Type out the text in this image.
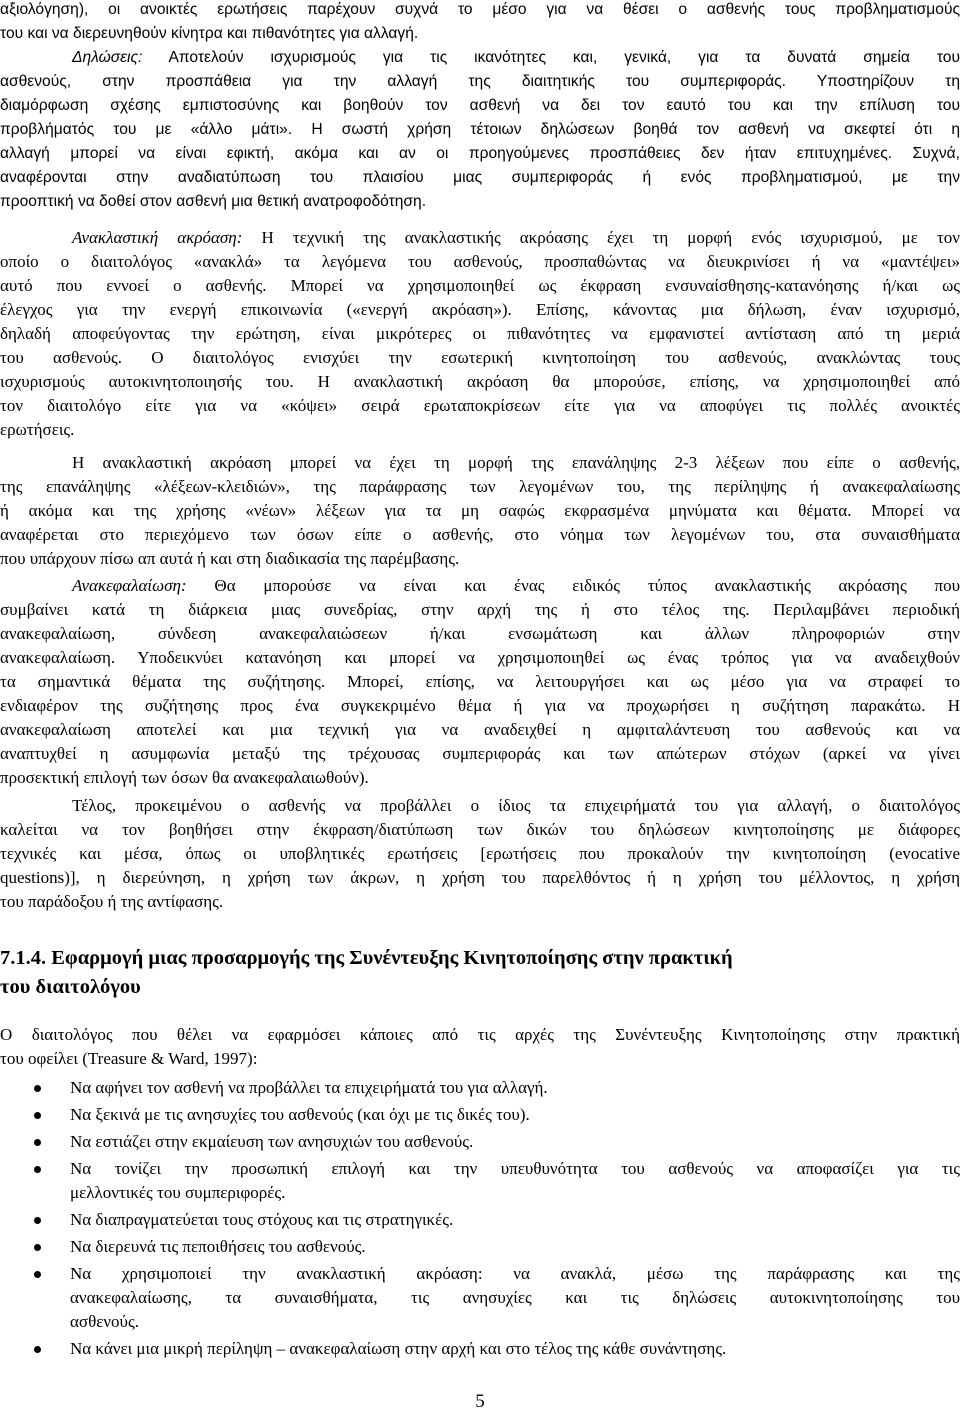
αξιολόγηση), οι ανοικτές ερωτήσεις παρέχουν συχνά το μέσο για να θέσει ο ασθενής τους προβληματισμούς
του και να διερευνηθούν κίνητρα και πιθανότητες για αλλαγή.
Δηλώσεις: Αποτελούν ισχυρισμούς για τις ικανότητες και, γενικά, για τα δυνατά σημεία του
ασθενούς, στην προσπάθεια για την αλλαγή της διαιτητικής του συμπεριφοράς. Υποστηρίζουν τη
διαμόρφωση σχέσης εμπιστοσύνης και βοηθούν τον ασθενή να δει τον εαυτό του και την επίλυση του
προβλήματός του με «άλλο μάτι». Η σωστή χρήση τέτοιων δηλώσεων βοηθά τον ασθενή να σκεφτεί ότι η
αλλαγή μπορεί να είναι εφικτή, ακόμα και αν οι προηγούμενες προσπάθειες δεν ήταν επιτυχημένες. Συχνά,
αναφέρονται στην αναδιατύπωση του πλαισίου μιας συμπεριφοράς ή ενός προβληματισμού, με την
προοπτική να δοθεί στον ασθενή μια θετική ανατροφοδότηση.
Ανακλαστική ακρόαση: Η τεχνική της ανακλαστικής ακρόασης έχει τη μορφή ενός ισχυρισμού, με τον
οποίο ο διαιτολόγος «ανακλά» τα λεγόμενα του ασθενούς, προσπαθώντας να διευκρινίσει ή να «μαντέψει»
αυτό που εννοεί ο ασθενής. Μπορεί να χρησιμοποιηθεί ως έκφραση ενσυναίσθησης-κατανόησης ή/και ως
έλεγχος για την ενεργή επικοινωνία («ενεργή ακρόαση»). Επίσης, κάνοντας μια δήλωση, έναν ισχυρισμό,
δηλαδή αποφεύγοντας την ερώτηση, είναι μικρότερες οι πιθανότητες να εμφανιστεί αντίσταση από τη μεριά
του ασθενούς. Ο διαιτολόγος ενισχύει την εσωτερική κινητοποίηση του ασθενούς, ανακλώντας τους
ισχυρισμούς αυτοκινητοποιησής του. Η ανακλαστική ακρόαση θα μπορούσε, επίσης, να χρησιμοποιηθεί από
τον διαιτολόγο είτε για να «κόψει» σειρά ερωταποκρίσεων είτε για να αποφύγει τις πολλές ανοικτές
ερωτήσεις.
Η ανακλαστική ακρόαση μπορεί να έχει τη μορφή της επανάληψης 2-3 λέξεων που είπε ο ασθενής,
της επανάληψης «λέξεων-κλειδιών», της παράφρασης των λεγομένων του, της περίληψης ή ανακεφαλαίωσης
ή ακόμα και της χρήσης «νέων» λέξεων για τα μη σαφώς εκφρασμένα μηνύματα και θέματα. Μπορεί να
αναφέρεται στο περιεχόμενο των όσων είπε ο ασθενής, στο νόημα των λεγομένων του, στα συναισθήματα
που υπάρχουν πίσω απ αυτά ή και στη διαδικασία της παρέμβασης.
Ανακεφαλαίωση: Θα μπορούσε να είναι και ένας ειδικός τύπος ανακλαστικής ακρόασης που
συμβαίνει κατά τη διάρκεια μιας συνεδρίας, στην αρχή της ή στο τέλος της. Περιλαμβάνει περιοδική
ανακεφαλαίωση, σύνδεση ανακεφαλαιώσεων ή/και ενσωμάτωση και άλλων πληροφοριών στην
ανακεφαλαίωση. Υποδεικνύει κατανόηση και μπορεί να χρησιμοποιηθεί ως ένας τρόπος για να αναδειχθούν
τα σημαντικά θέματα της συζήτησης. Μπορεί, επίσης, να λειτουργήσει και ως μέσο για να στραφεί το
ενδιαφέρον της συζήτησης προς ένα συγκεκριμένο θέμα ή για να προχωρήσει η συζήτηση παρακάτω. Η
ανακεφαλαίωση αποτελεί και μια τεχνική για να αναδειχθεί η αμφιταλάντευση του ασθενούς και να
αναπτυχθεί η ασυμφωνία μεταξύ της τρέχουσας συμπεριφοράς και των απώτερων στόχων (αρκεί να γίνει
προσεκτική επιλογή των όσων θα ανακεφαλαιωθούν).
Τέλος, προκειμένου ο ασθενής να προβάλλει ο ίδιος τα επιχειρήματά του για αλλαγή, ο διαιτολόγος
καλείται να τον βοηθήσει στην έκφραση/διατύπωση των δικών του δηλώσεων κινητοποίησης με διάφορες
τεχνικές και μέσα, όπως οι υποβλητικές ερωτήσεις [ερωτήσεις που προκαλούν την κινητοποίηση (evocative
questions)], η διερεύνηση, η χρήση των άκρων, η χρήση του παρελθόντος ή η χρήση του μέλλοντος, η χρήση
του παράδοξου ή της αντίφασης.
7.1.4. Εφαρμογή μιας προσαρμογής της Συνέντευξης Κινητοποίησης στην πρακτική
του διαιτολόγου
Ο διαιτολόγος που θέλει να εφαρμόσει κάποιες από τις αρχές της Συνέντευξης Κινητοποίησης στην πρακτική
του οφείλει (Treasure & Ward, 1997):
Να αφήνει τον ασθενή να προβάλλει τα επιχειρήματά του για αλλαγή.
Να ξεκινά με τις ανησυχίες του ασθενούς (και όχι με τις δικές του).
Να εστιάζει στην εκμαίευση των ανησυχιών του ασθενούς.
Να τονίζει την προσωπική επιλογή και την υπευθυνότητα του ασθενούς να αποφασίζει για τις
μελλοντικές του συμπεριφορές.
Να διαπραγματεύεται τους στόχους και τις στρατηγικές.
Να διερευνά τις πεποιθήσεις του ασθενούς.
Να χρησιμοποιεί την ανακλαστική ακρόαση: να ανακλά, μέσω της παράφρασης και της
ανακεφαλαίωσης, τα συναισθήματα, τις ανησυχίες και τις δηλώσεις αυτοκινητοποίησης του
ασθενούς.
Να κάνει μια μικρή περίληψη ‒ ανακεφαλαίωση στην αρχή και στο τέλος της κάθε συνάντησης.
5
